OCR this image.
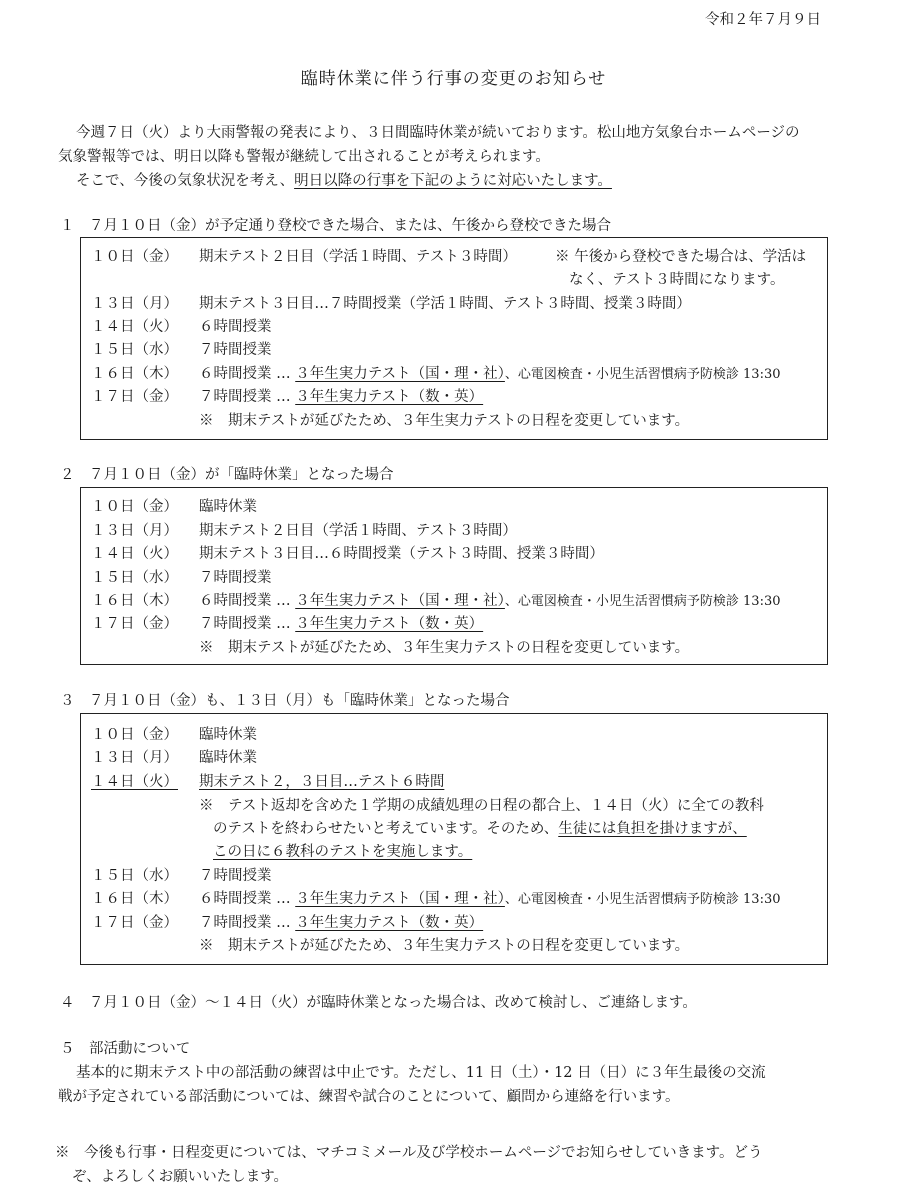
令和２年７月９日
臨時休業に伴う行事の変更のお知らせ
今週７日（火）より大雨警報の発表により、３日間臨時休業が続いております。松山地方気象台ホームページの
気象警報等では、明日以降も警報が継続して出されることが考えられます。
そこで、今後の気象状況を考え、明日以降の行事を下記のように対応いたします。
１　７月１０日（金）が予定通り登校できた場合、または、午後から登校できた場合
１０日（金） 期末テスト２日目（学活１時間、テスト３時間）	※ 午後から登校できた場合は、学活は
なく、テスト３時間になります。
１３日（月） 期末テスト３日目…７時間授業（学活１時間、テスト３時間、授業３時間）
１４日（火） ６時間授業
１５日（水） ７時間授業
１６日（木） ６時間授業 … ３年生実力テスト（国・理・社）、心電図検査・小児生活習慣病予防検診 13:30
１７日（金） ７時間授業 … ３年生実力テスト（数・英）
※　期末テストが延びたため、３年生実力テストの日程を変更しています。
２　７月１０日（金）が「臨時休業」となった場合
１０日（金） 臨時休業
１３日（月） 期末テスト２日目（学活１時間、テスト３時間）
１４日（火） 期末テスト３日目…６時間授業（テスト３時間、授業３時間）
１５日（水） ７時間授業
１６日（木） ６時間授業 … ３年生実力テスト（国・理・社）、心電図検査・小児生活習慣病予防検診 13:30
１７日（金） ７時間授業 … ３年生実力テスト（数・英）
※　期末テストが延びたため、３年生実力テストの日程を変更しています。
３　７月１０日（金）も、１３日（月）も「臨時休業」となった場合
１０日（金） 臨時休業
１３日（月） 臨時休業
１４日（火） 期末テスト２，３日目…テスト６時間
※　テスト返却を含めた１学期の成績処理の日程の都合上、１４日（火）に全ての教科
のテストを終わらせたいと考えています。そのため、生徒には負担を掛けますが、
この日に６教科のテストを実施します。
１５日（水） ７時間授業
１６日（木） ６時間授業 … ３年生実力テスト（国・理・社）、心電図検査・小児生活習慣病予防検診 13:30
１７日（金） ７時間授業 … ３年生実力テスト（数・英）
※　期末テストが延びたため、３年生実力テストの日程を変更しています。
４　７月１０日（金）～１４日（火）が臨時休業となった場合は、改めて検討し、ご連絡します。
５　部活動について
基本的に期末テスト中の部活動の練習は中止です。ただし、11 日（土）・12 日（日）に３年生最後の交流
戦が予定されている部活動については、練習や試合のことについて、顧問から連絡を行います。
※　今後も行事・日程変更については、マチコミメール及び学校ホームページでお知らせしていきます。どう
ぞ、よろしくお願いいたします。
